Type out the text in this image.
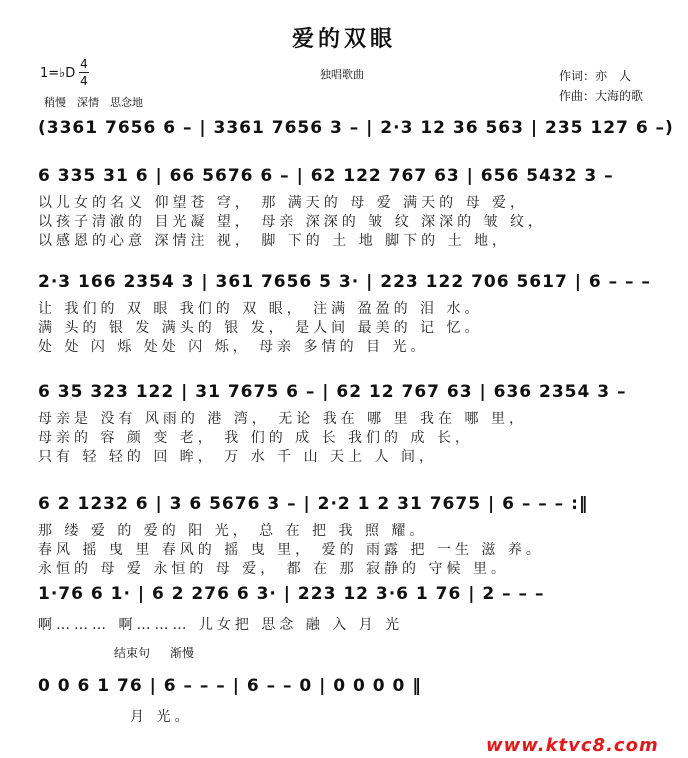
爱的双眼
1=♭D
4
4
稍慢　深情　思念地
独唱歌曲	作词：亦　人
作曲：大海的歌
(3361 7656 6 – | 3361 7656 3 – | 2·3 12 36 563 | 235 127 6 –)
6 335 31 6 | 66 5676 6 – | 62 122 767 63 | 656 5432 3 –
以儿女的名义 仰望苍 穹， 那 满天的 母 爱 满天的 母 爱，
以孩子清澈的 目光凝 望， 母亲 深深的 皱 纹 深深的 皱 纹，
以感恩的心意 深情注 视， 脚 下的 土 地 脚下的 土 地，
2·3 166 2354 3 | 361 7656 5 3· | 223 122 706 5617 | 6 – – –
让 我们的 双 眼 我们的 双 眼， 注满 盈盈的 泪 水。
满 头的 银 发 满头的 银 发， 是人间 最美的 记 忆。
处 处 闪 烁 处处 闪 烁， 母亲 多情的 目 光。
6 35 323 122 | 31 7675 6 – | 62 12 767 63 | 636 2354 3 –
母亲是 没有 风雨的 港 湾， 无论 我在 哪 里 我在 哪 里，
母亲的 容 颜 变 老， 我 们的 成 长 我们的 成 长，
只有 轻 轻的 回 眸， 万 水 千 山 天上 人 间，
6 2 1232 6 | 3 6 5676 3 – | 2·2 1 2 31 7675 | 6 – – – :‖
那 缕 爱 的 爱的 阳 光， 总 在 把 我 照 耀。
春风 摇 曳 里 春风的 摇 曳 里， 爱的 雨露 把 一生 滋 养。
永恒的 母 爱 永恒的 母 爱， 都 在 那 寂静的 守候 里。
1·76 6 1· | 6 2 276 6 3· | 223 12 3·6 1 76 | 2 – – –
啊……… 啊……… 儿女把 思念 融 入 月 光
结束句 渐慢
0 0 6 1 76 | 6 – – – | 6 – – 0 | 0 0 0 0 ‖
月 光。
www.ktvc8.com
